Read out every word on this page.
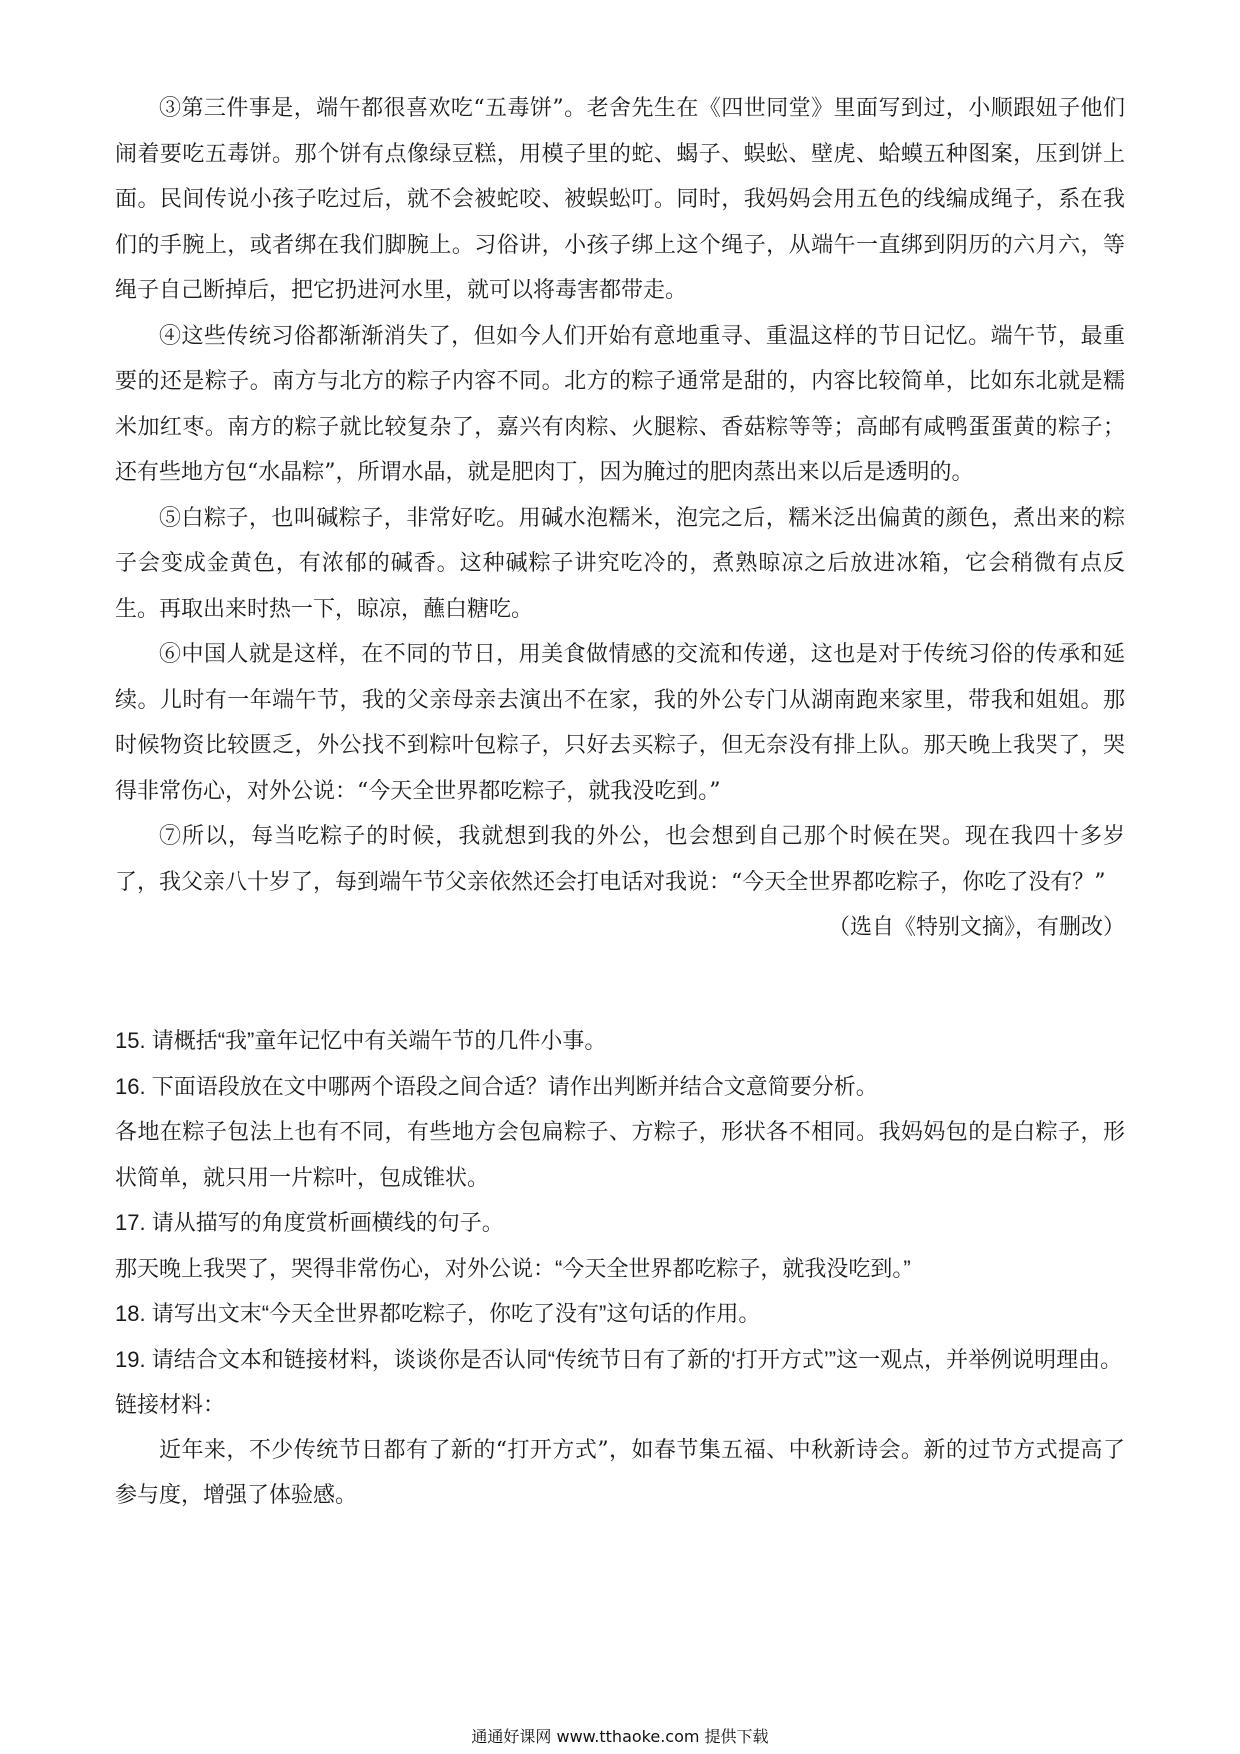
③第三件事是，端午都很喜欢吃“五毒饼”。老舍先生在《四世同堂》里面写到过，小顺跟妞子他们闹着要吃五毒饼。那个饼有点像绿豆糕，用模子里的蛇、蝎子、蜈蚣、壁虎、蛤蟆五种图案，压到饼上面。民间传说小孩子吃过后，就不会被蛇咬、被蜈蚣叮。同时，我妈妈会用五色的线编成绳子，系在我们的手腕上，或者绑在我们脚腕上。习俗讲，小孩子绑上这个绳子，从端午一直绑到阴历的六月六，等绳子自己断掉后，把它扔进河水里，就可以将毒害都带走。

④这些传统习俗都渐渐消失了，但如今人们开始有意地重寻、重温这样的节日记忆。端午节，最重要的还是粽子。南方与北方的粽子内容不同。北方的粽子通常是甜的，内容比较简单，比如东北就是糯米加红枣。南方的粽子就比较复杂了，嘉兴有肉粽、火腿粽、香菇粽等等；高邮有咸鸭蛋蛋黄的粽子；还有些地方包“水晶粽”，所谓水晶，就是肥肉丁，因为腌过的肥肉蒸出来以后是透明的。

⑤白粽子，也叫碱粽子，非常好吃。用碱水泡糯米，泡完之后，糯米泛出偏黄的颜色，煮出来的粽子会变成金黄色，有浓郁的碱香。这种碱粽子讲究吃冷的，煮熟晾凉之后放进冰箱，它会稍微有点反生。再取出来时热一下，晾凉，蘸白糖吃。

⑥中国人就是这样，在不同的节日，用美食做情感的交流和传递，这也是对于传统习俗的传承和延续。儿时有一年端午节，我的父亲母亲去演出不在家，我的外公专门从湖南跑来家里，带我和姐姐。那时候物资比较匮乏，外公找不到粽叶包粽子，只好去买粽子，但无奈没有排上队。那天晚上我哭了，哭得非常伤心，对外公说：“今天全世界都吃粽子，就我没吃到。”

⑦所以，每当吃粽子的时候，我就想到我的外公，也会想到自己那个时候在哭。现在我四十多岁了，我父亲八十岁了，每到端午节父亲依然还会打电话对我说：“今天全世界都吃粽子，你吃了没有？”

（选自《特别文摘》，有删改）

15. 请概括“我”童年记忆中有关端午节的几件小事。

16. 下面语段放在文中哪两个语段之间合适？请作出判断并结合文意简要分析。

各地在粽子包法上也有不同，有些地方会包扁粽子、方粽子，形状各不相同。我妈妈包的是白粽子，形状简单，就只用一片粽叶，包成锥状。

17. 请从描写的角度赏析画横线的句子。

那天晚上我哭了，哭得非常伤心，对外公说：“今天全世界都吃粽子，就我没吃到。”

18. 请写出文末“今天全世界都吃粽子，你吃了没有”这句话的作用。

19. 请结合文本和链接材料，谈谈你是否认同“传统节日有了新的‘打开方式’”这一观点，并举例说明理由。

链接材料：

近年来，不少传统节日都有了新的“打开方式”，如春节集五福、中秋新诗会。新的过节方式提高了参与度，增强了体验感。

通通好课网 www.tthaoke.com 提供下载
